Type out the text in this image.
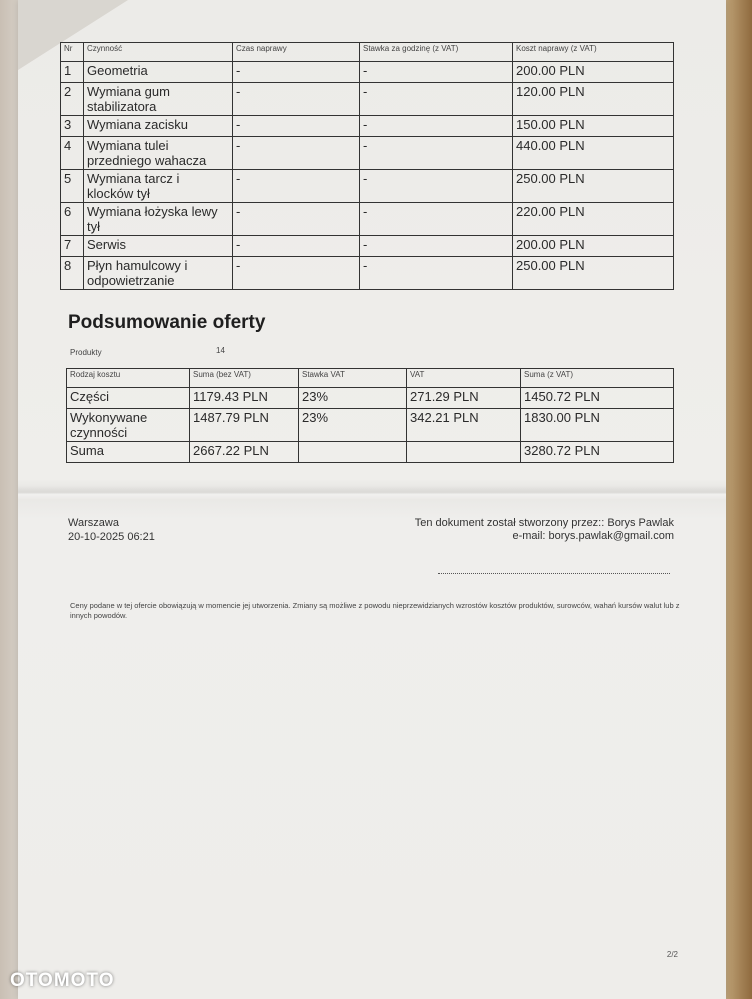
Nr	Czynność	Czas naprawy	Stawka za godzinę (z VAT)	Koszt naprawy (z VAT)
1	Geometria	-	-	200.00 PLN
2	Wymiana gum stabilizatora	-	-	120.00 PLN
3	Wymiana zacisku	-	-	150.00 PLN
4	Wymiana tulei przedniego wahacza	-	-	440.00 PLN
5	Wymiana tarcz i klocków tył	-	-	250.00 PLN
6	Wymiana łożyska lewy tył	-	-	220.00 PLN
7	Serwis	-	-	200.00 PLN
8	Płyn hamulcowy i odpowietrzanie	-	-	250.00 PLN
Podsumowanie oferty
Produkty	14
Rodzaj kosztu	Suma (bez VAT)	Stawka VAT	VAT	Suma (z VAT)
Części	1179.43 PLN	23%	271.29 PLN	1450.72 PLN
Wykonywane czynności	1487.79 PLN	23%	342.21 PLN	1830.00 PLN
Suma	2667.22 PLN			3280.72 PLN
Warszawa
20-10-2025 06:21
Ten dokument został stworzony przez:: Borys Pawlak
e-mail: borys.pawlak@gmail.com
Ceny podane w tej ofercie obowiązują w momencie jej utworzenia. Zmiany są możliwe z powodu nieprzewidzianych wzrostów kosztów produktów, surowców, wahań kursów walut lub z innych powodów.
2/2
OTOMOTO
